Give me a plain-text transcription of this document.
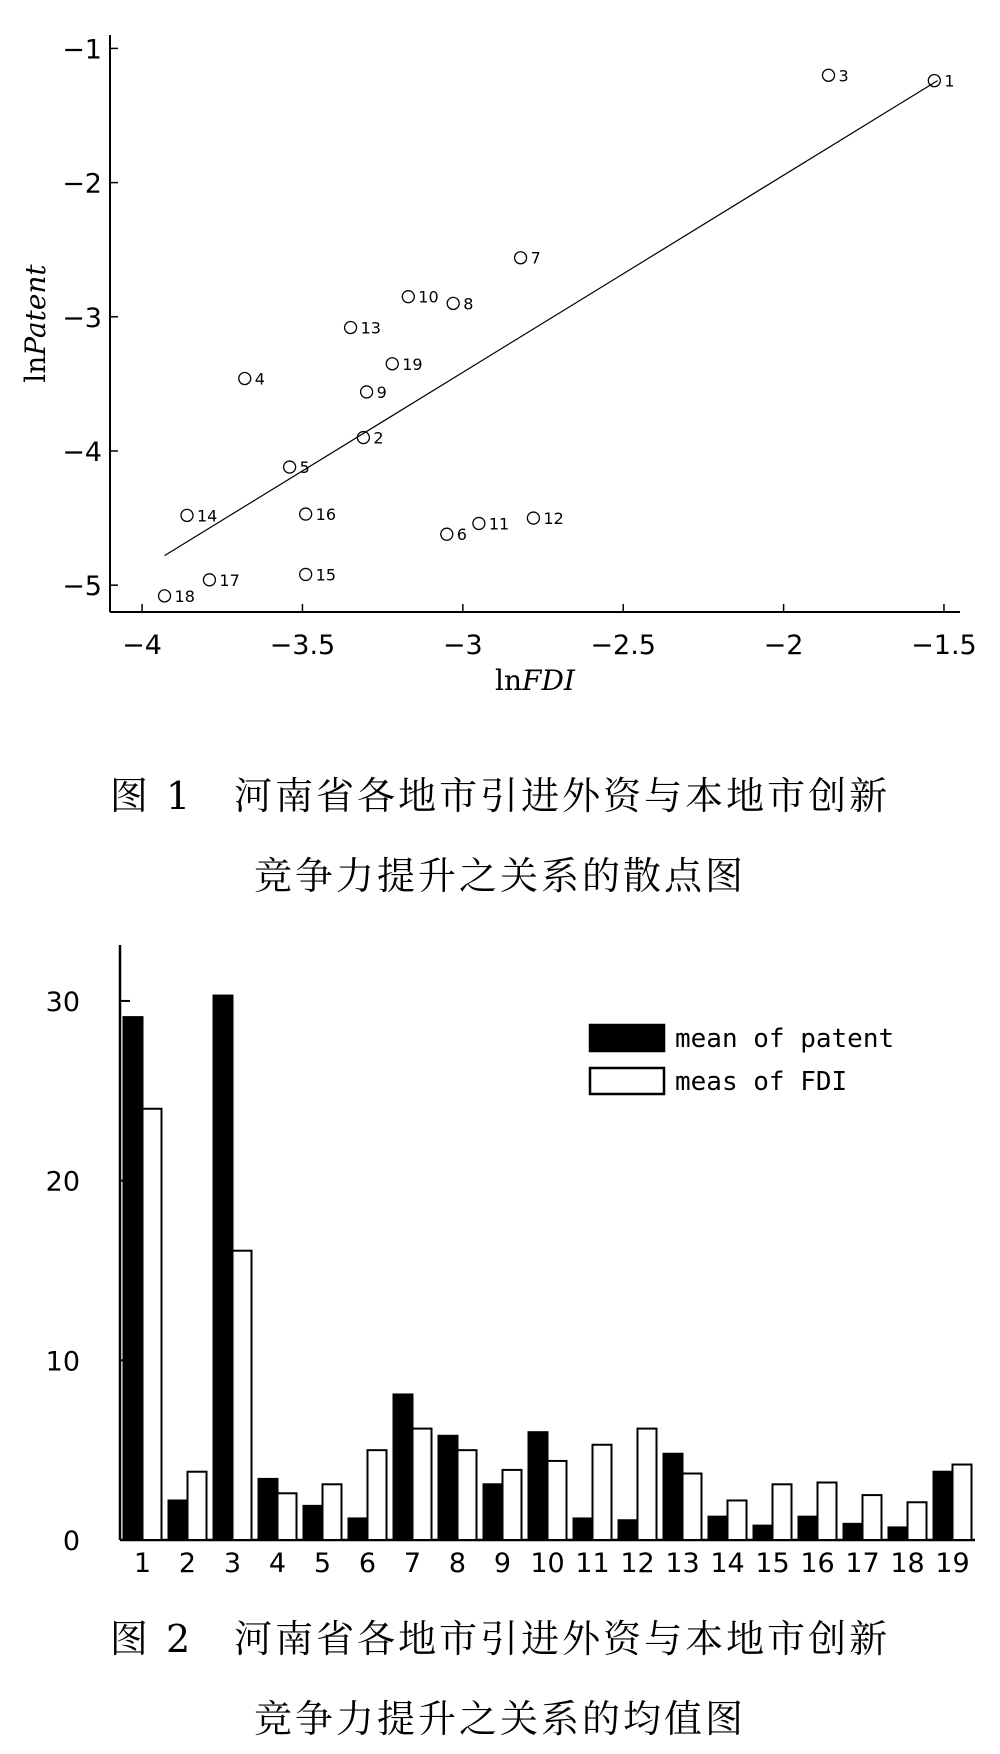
−4	−3.5	−3	−2.5	−2	−1.5
−1
−2
−3
−4
−5
lnFDI
lnPatent
1
2
3
4
5
6
7
8
9
10
11 12
13
14
15
16
17
18
19
图 1　河南省各地市引进外资与本地市创新
竞争力提升之关系的散点图
0
10
20
30
1 2 3 4 5 6 7 8 9 10 11 12 13 14 15 16 17 18 19
mean of patent
meas of FDI
图 2　河南省各地市引进外资与本地市创新
竞争力提升之关系的均值图
